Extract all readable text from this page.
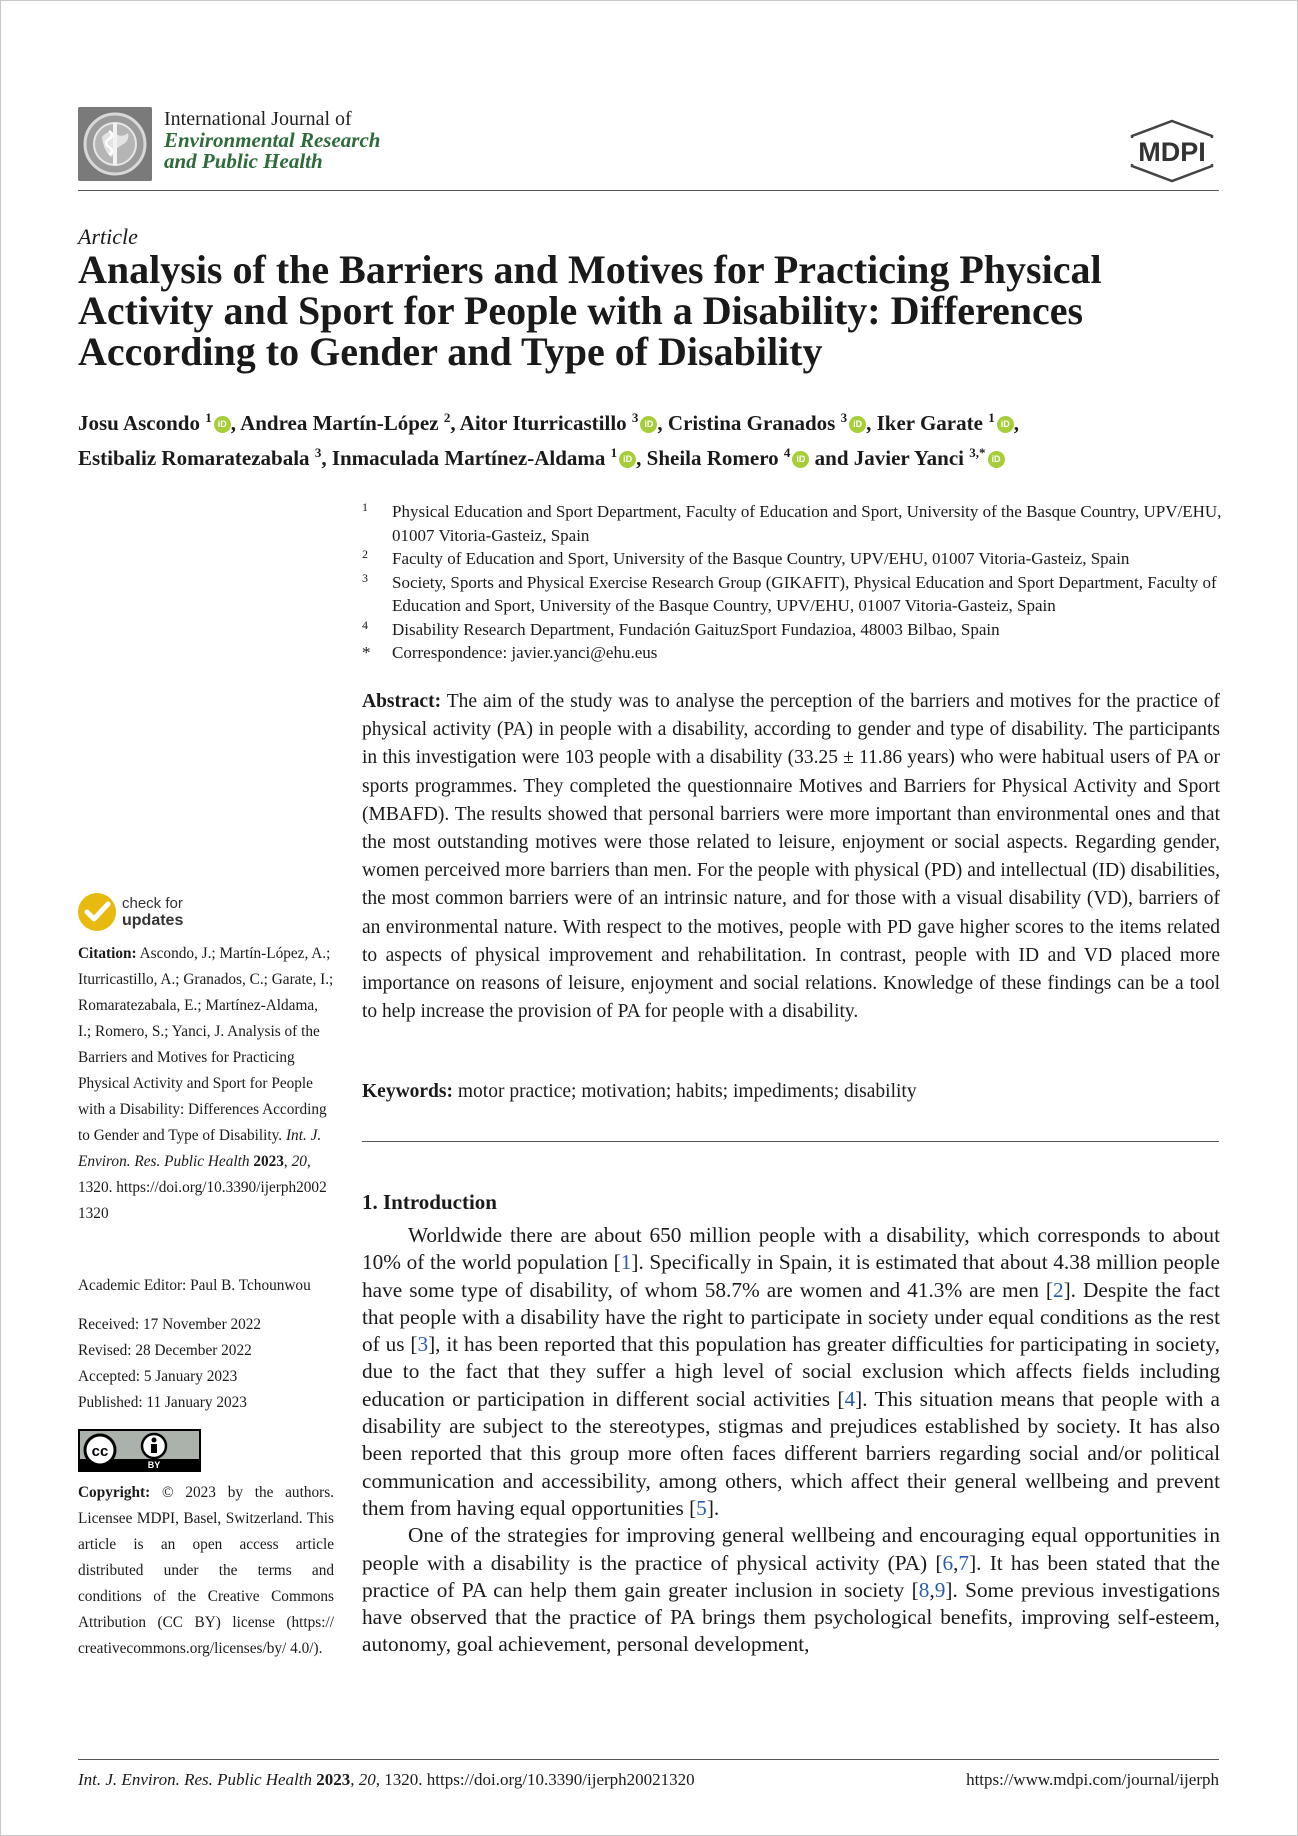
International Journal of
Environmental Research
and Public Health	MDPI
Article
Analysis of the Barriers and Motives for Practicing Physical Activity and Sport for People with a Disability: Differences According to Gender and Type of Disability
Josu Ascondo $^1$ iD , Andrea Martín-López $^2$, Aitor Iturricastillo $^3$ iD , Cristina Granados $^3$ iD , Iker Garate $^1$ iD ,
Estibaliz Romaratezabala $^3$, Inmaculada Martínez-Aldama $^1$ iD , Sheila Romero $^4$ iD and Javier Yanci $^{3,*}$ iD
1 Physical Education and Sport Department, Faculty of Education and Sport, University of the Basque Country, UPV/EHU, 01007 Vitoria-Gasteiz, Spain
2 Faculty of Education and Sport, University of the Basque Country, UPV/EHU, 01007 Vitoria-Gasteiz, Spain
3 Society, Sports and Physical Exercise Research Group (GIKAFIT), Physical Education and Sport Department, Faculty of Education and Sport, University of the Basque Country, UPV/EHU, 01007 Vitoria-Gasteiz, Spain
4 Disability Research Department, Fundación GaituzSport Fundazioa, 48003 Bilbao, Spain
* Correspondence: javier.yanci@ehu.eus
Abstract: The aim of the study was to analyse the perception of the barriers and motives for the practice of physical activity (PA) in people with a disability, according to gender and type of disability. The participants in this investigation were 103 people with a disability (33.25 ± 11.86 years) who were habitual users of PA or sports programmes. They completed the questionnaire Motives and Barriers for Physical Activity and Sport (MBAFD). The results showed that personal barriers were more important than environmental ones and that the most outstanding motives were those related to leisure, enjoyment or social aspects. Regarding gender, women perceived more barriers than men. For the people with physical (PD) and intellectual (ID) disabilities, the most common barriers were of an intrinsic nature, and for those with a visual disability (VD), barriers of an environmental nature. With respect to the motives, people with PD gave higher scores to the items related to aspects of physical improvement and rehabilitation. In contrast, people with ID and VD placed more importance on reasons of leisure, enjoyment and social relations. Knowledge of these findings can be a tool to help increase the provision of PA for people with a disability.
Keywords: motor practice; motivation; habits; impediments; disability
check for
updates
Citation: Ascondo, J.; Martín-López, A.; Iturricastillo, A.; Granados, C.; Garate, I.; Romaratezabala, E.; Martínez-Aldama, I.; Romero, S.; Yanci, J. Analysis of the Barriers and Motives for Practicing Physical Activity and Sport for People with a Disability: Differences According to Gender and Type of Disability. Int. J. Environ. Res. Public Health 2023, 20, 1320. https://doi.org/10.3390/ijerph20021320
Academic Editor: Paul B. Tchounwou
Received: 17 November 2022
Revised: 28 December 2022
Accepted: 5 January 2023
Published: 11 January 2023
cc
BY
Copyright: © 2023 by the authors. Licensee MDPI, Basel, Switzerland. This article is an open access article distributed under the terms and conditions of the Creative Commons Attribution (CC BY) license (https:// creativecommons.org/licenses/by/ 4.0/).
1. Introduction

Worldwide there are about 650 million people with a disability, which corresponds to about 10% of the world population [1]. Specifically in Spain, it is estimated that about 4.38 million people have some type of disability, of whom 58.7% are women and 41.3% are men [2]. Despite the fact that people with a disability have the right to participate in society under equal conditions as the rest of us [3], it has been reported that this population has greater difficulties for participating in society, due to the fact that they suffer a high level of social exclusion which affects fields including education or participation in different social activities [4]. This situation means that people with a disability are subject to the stereotypes, stigmas and prejudices established by society. It has also been reported that this group more often faces different barriers regarding social and/or political communication and accessibility, among others, which affect their general wellbeing and prevent them from having equal opportunities [5].

One of the strategies for improving general wellbeing and encouraging equal opportunities in people with a disability is the practice of physical activity (PA) [6,7]. It has been stated that the practice of PA can help them gain greater inclusion in society [8,9]. Some previous investigations have observed that the practice of PA brings them psychological benefits, improving self-esteem, autonomy, goal achievement, personal development,

Int. J. Environ. Res. Public Health 2023, 20, 1320. https://doi.org/10.3390/ijerph20021320	https://www.mdpi.com/journal/ijerph
